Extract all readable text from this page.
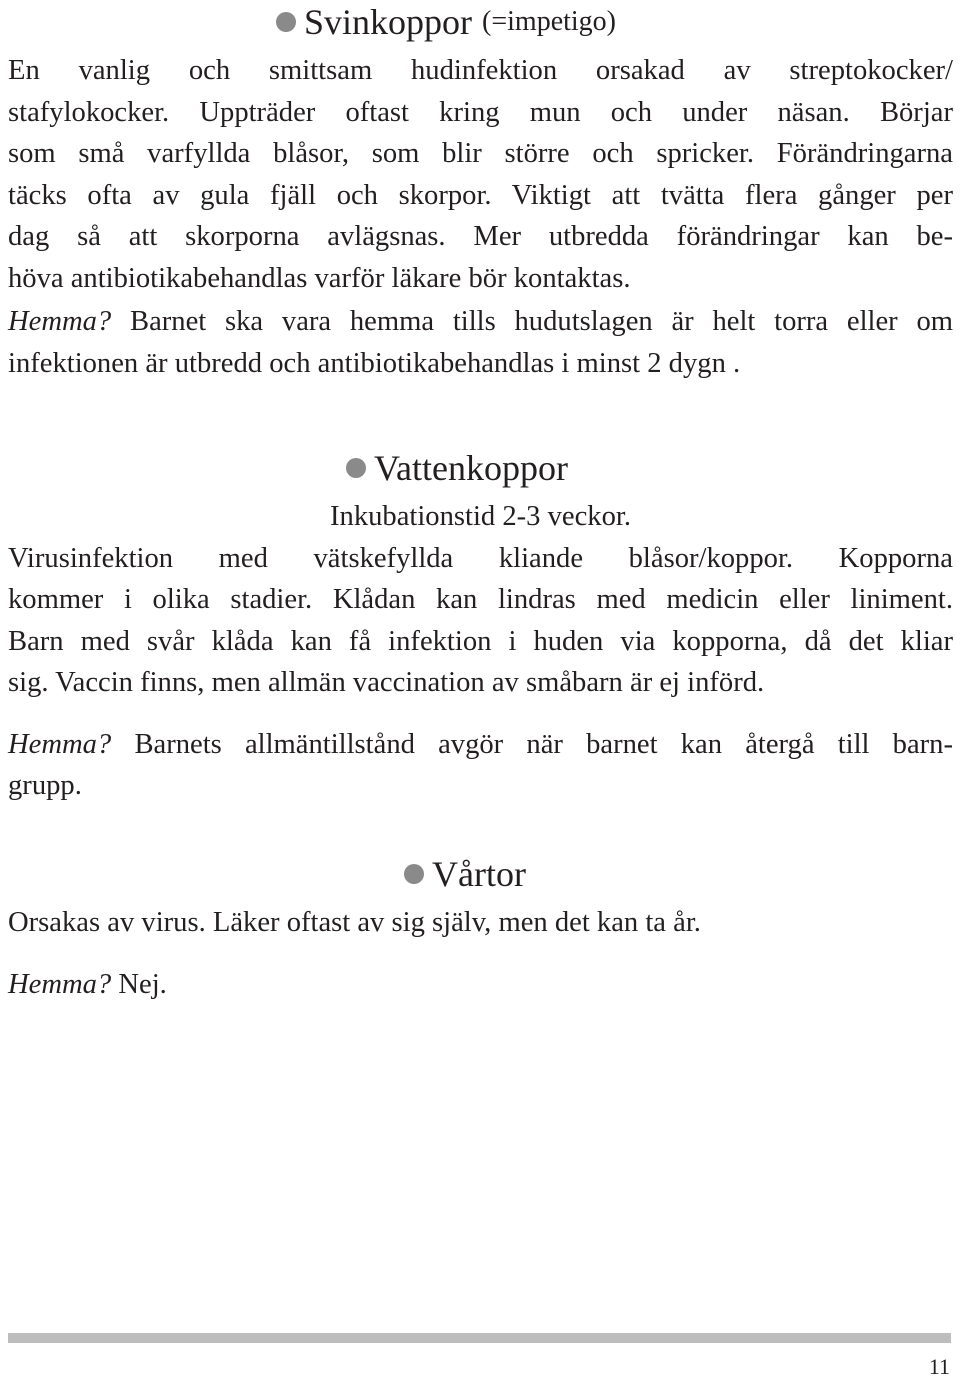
Svinkoppor (=impetigo)

En vanlig och smittsam hudinfektion orsakad av streptokocker/

stafylokocker. Uppträder oftast kring mun och under näsan. Börjar

som små varfyllda blåsor, som blir större och spricker. Förändringarna

täcks ofta av gula fjäll och skorpor. Viktigt att tvätta flera gånger per

dag så att skorporna avlägsnas. Mer utbredda förändringar kan be-

höva antibiotikabehandlas varför läkare bör kontaktas.

Hemma? Barnet ska vara hemma tills hudutslagen är helt torra eller om

infektionen är utbredd och antibiotikabehandlas i minst 2 dygn .

Vattenkoppor

Inkubationstid 2-3 veckor.

Virusinfektion med vätskefyllda kliande blåsor/koppor. Kopporna

kommer i olika stadier. Klådan kan lindras med medicin eller liniment.

Barn med svår klåda kan få infektion i huden via kopporna, då det kliar

sig. Vaccin finns, men allmän vaccination av småbarn är ej införd.

Hemma? Barnets allmäntillstånd avgör när barnet kan återgå till barn-

grupp.

Vårtor

Orsakas av virus. Läker oftast av sig själv, men det kan ta år.

Hemma? Nej.

11
